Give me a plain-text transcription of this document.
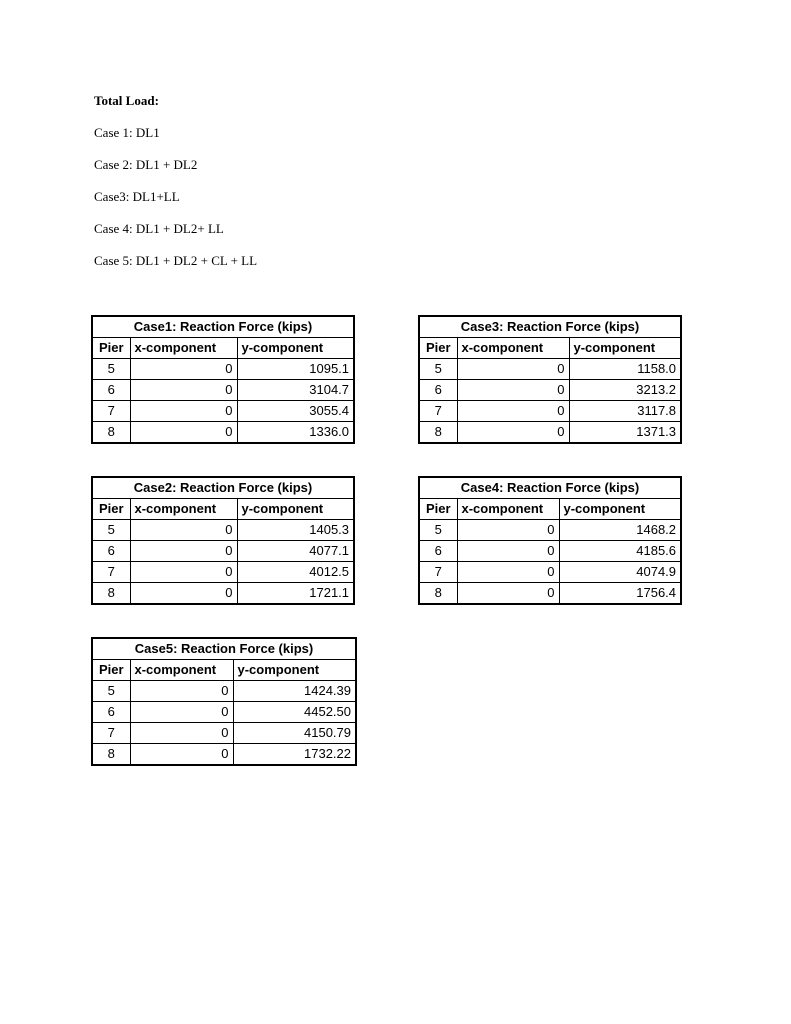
Total Load:
Case 1: DL1
Case 2: DL1 + DL2
Case3: DL1+LL
Case 4: DL1 + DL2+ LL
Case 5: DL1 + DL2 + CL + LL
Case1: Reaction Force (kips)		
Pier	x-component	y-component
5	0	1095.1
6	0	3104.7
7	0	3055.4
8	0	1336.0
Case3: Reaction Force (kips)		
Pier	x-component	y-component
5	0	1158.0
6	0	3213.2
7	0	3117.8
8	0	1371.3
Case2: Reaction Force (kips)		
Pier	x-component	y-component
5	0	1405.3
6	0	4077.1
7	0	4012.5
8	0	1721.1
Case4: Reaction Force (kips)		
Pier	x-component	y-component
5	0	1468.2
6	0	4185.6
7	0	4074.9
8	0	1756.4
Case5: Reaction Force (kips)		
Pier	x-component	y-component
5	0	1424.39
6	0	4452.50
7	0	4150.79
8	0	1732.22
